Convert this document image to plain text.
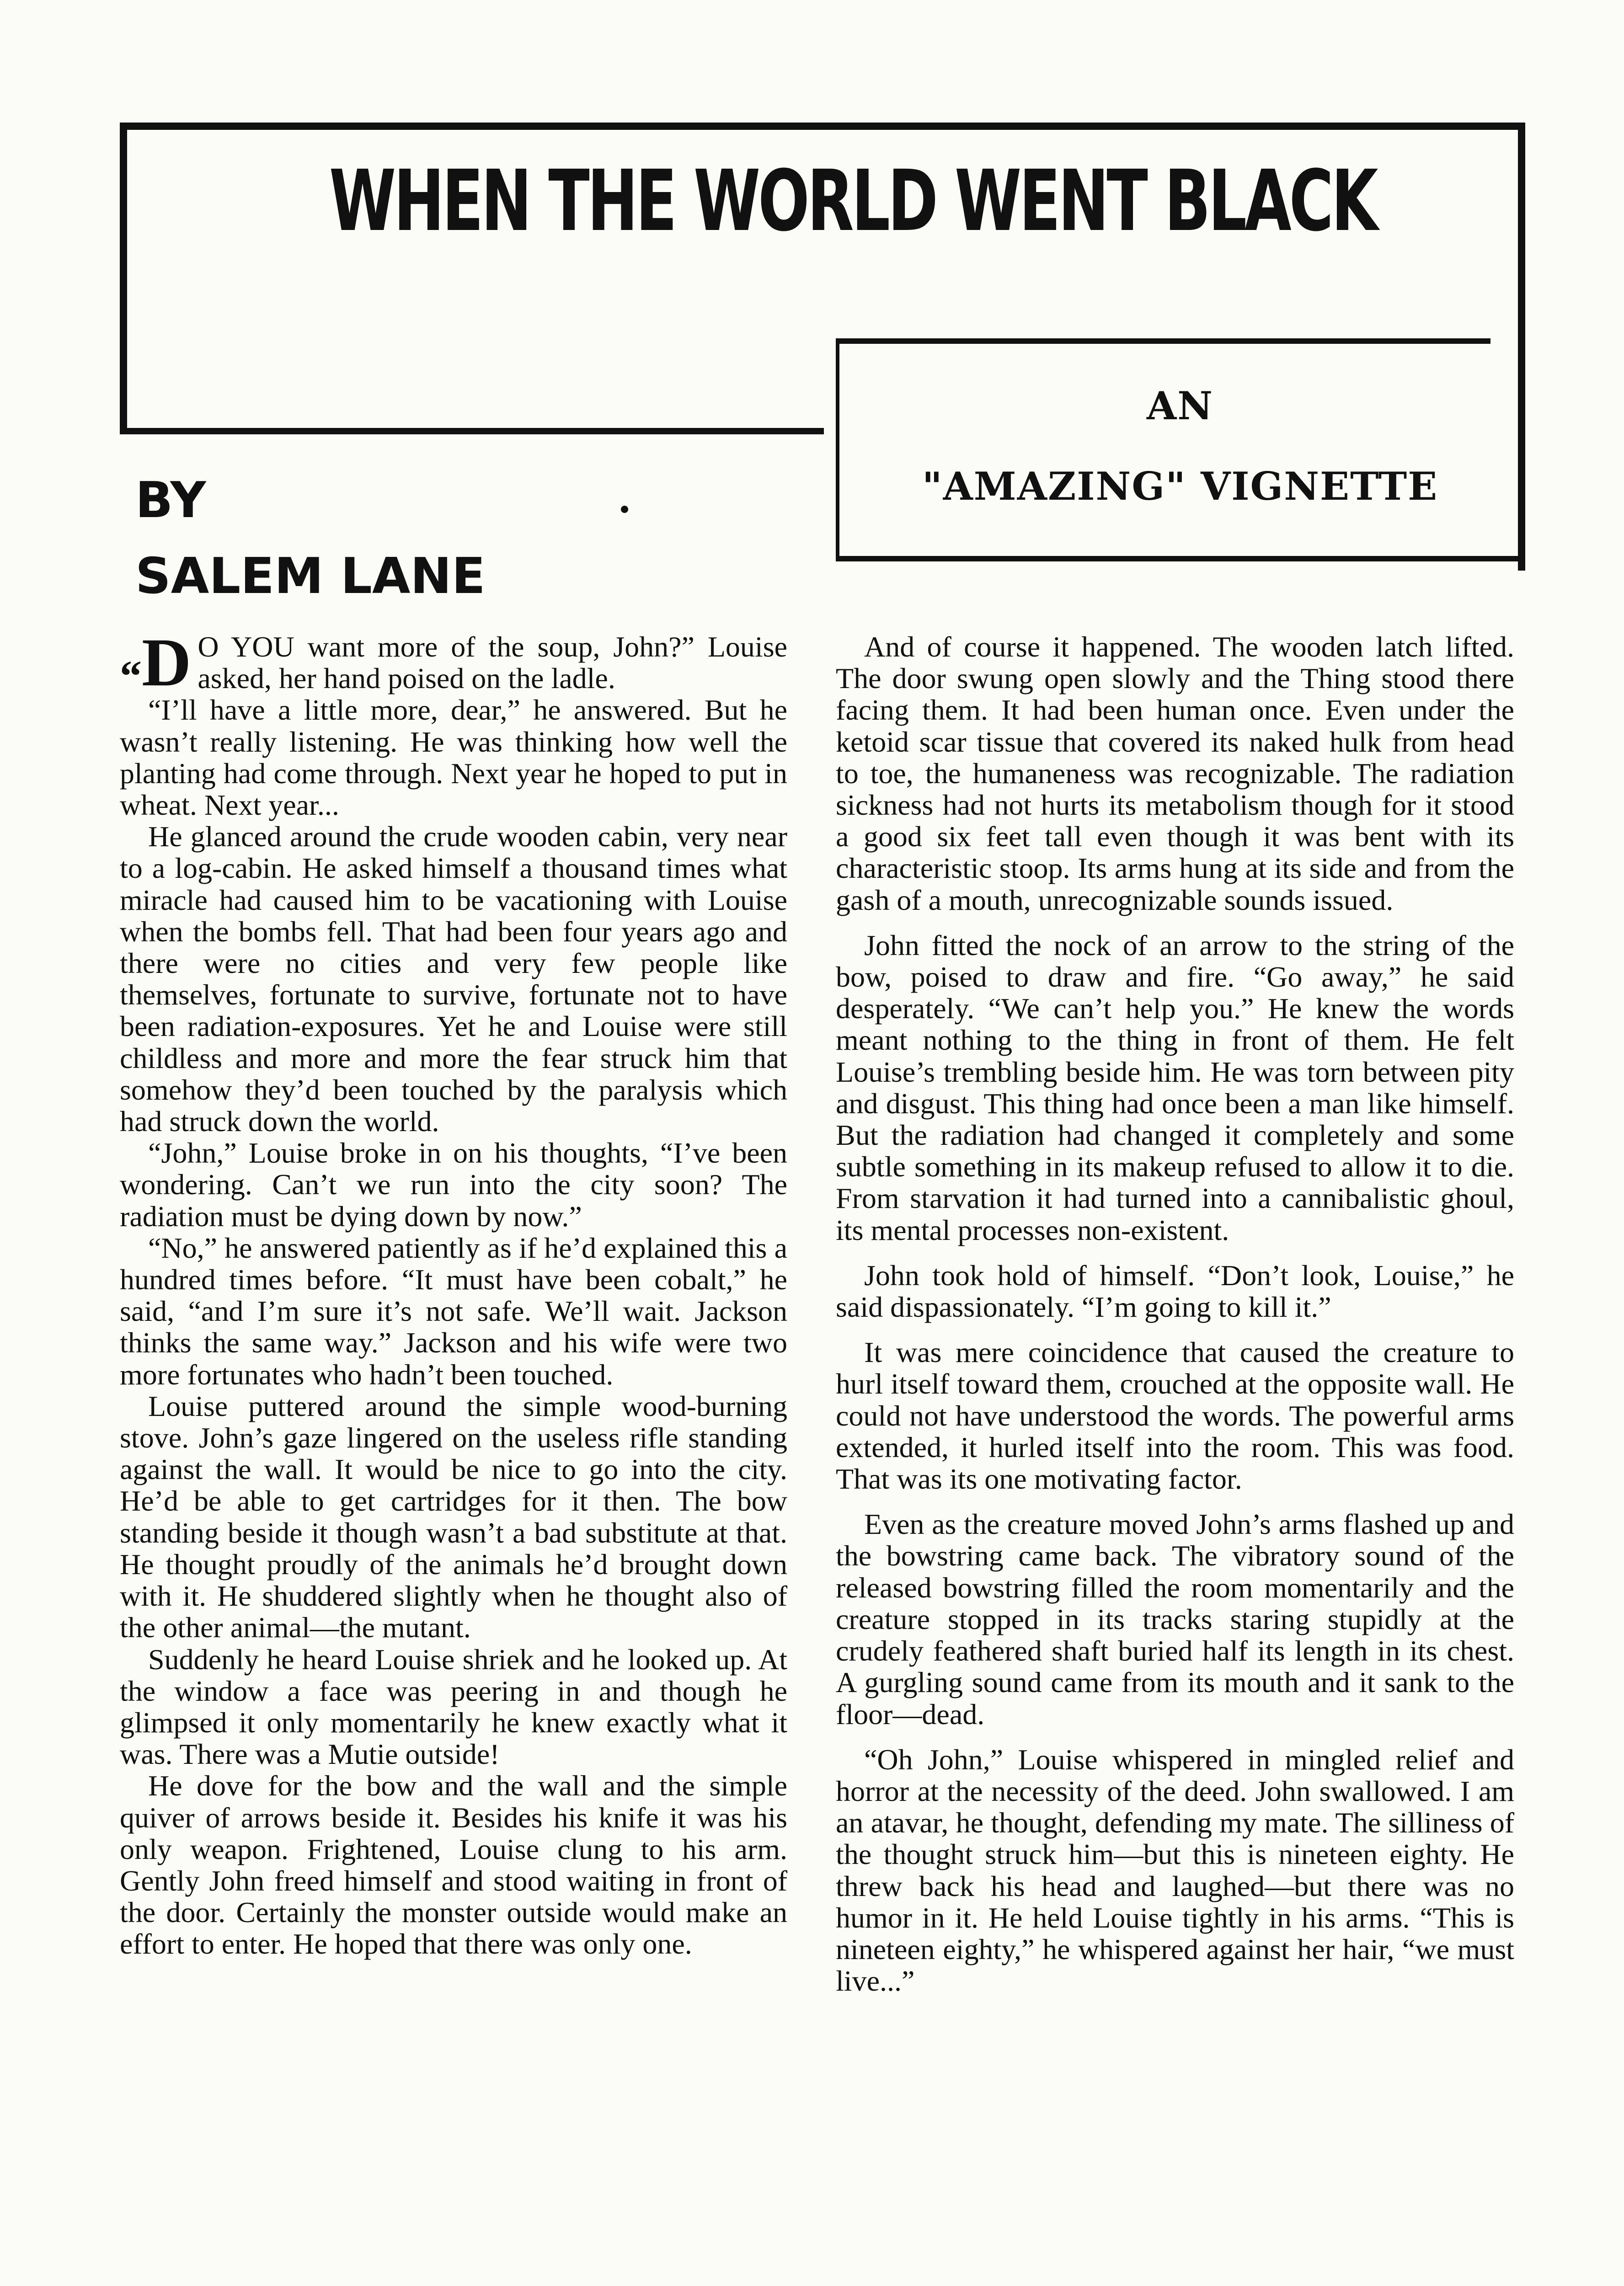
WHEN THE WORLD WENT BLACK
BY
SALEM LANE
AN
"AMAZING" VIGNETTE

“D O YOU want more of the soup, John?” Louise asked, her hand poised on the ladle.

“I’ll have a little more, dear,” he answered. But he wasn’t really listening. He was thinking how well the planting had come through. Next year he hoped to put in wheat. Next year...

He glanced around the crude wooden cabin, very near to a log-cabin. He asked himself a thousand times what miracle had caused him to be vacationing with Louise when the bombs fell. That had been four years ago and there were no cities and very few people like themselves, fortunate to survive, fortunate not to have been radiation-exposures. Yet he and Louise were still childless and more and more the fear struck him that somehow they’d been touched by the paralysis which had struck down the world.

“John,” Louise broke in on his thoughts, “I’ve been wondering. Can’t we run into the city soon? The radiation must be dying down by now.”

“No,” he answered patiently as if he’d explained this a hundred times before. “It must have been cobalt,” he said, “and I’m sure it’s not safe. We’ll wait. Jackson thinks the same way.” Jackson and his wife were two more fortunates who hadn’t been touched.

Louise puttered around the simple wood-burning stove. John’s gaze lingered on the useless rifle standing against the wall. It would be nice to go into the city. He’d be able to get cartridges for it then. The bow standing beside it though wasn’t a bad substitute at that. He thought proudly of the animals he’d brought down with it. He shuddered slightly when he thought also of the other animal—the mutant.

Suddenly he heard Louise shriek and he looked up. At the window a face was peering in and though he glimpsed it only momentarily he knew exactly what it was. There was a Mutie outside!

He dove for the bow and the wall and the simple quiver of arrows beside it. Besides his knife it was his only weapon. Frightened, Louise clung to his arm. Gently John freed himself and stood waiting in front of the door. Certainly the monster outside would make an effort to enter. He hoped that there was only one.

And of course it happened. The wooden latch lifted. The door swung open slowly and the Thing stood there facing them. It had been human once. Even under the ketoid scar tissue that covered its naked hulk from head to toe, the humaneness was recognizable. The radiation sickness had not hurts its metabolism though for it stood a good six feet tall even though it was bent with its characteristic stoop. Its arms hung at its side and from the gash of a mouth, unrecognizable sounds issued.

John fitted the nock of an arrow to the string of the bow, poised to draw and fire. “Go away,” he said desperately. “We can’t help you.” He knew the words meant nothing to the thing in front of them. He felt Louise’s trembling beside him. He was torn between pity and disgust. This thing had once been a man like himself. But the radiation had changed it completely and some subtle something in its makeup refused to allow it to die. From starvation it had turned into a cannibalistic ghoul, its mental processes non-existent.

John took hold of himself. “Don’t look, Louise,” he said dispassionately. “I’m going to kill it.”

It was mere coincidence that caused the creature to hurl itself toward them, crouched at the opposite wall. He could not have understood the words. The powerful arms extended, it hurled itself into the room. This was food. That was its one motivating factor.

Even as the creature moved John’s arms flashed up and the bowstring came back. The vibratory sound of the released bowstring filled the room momentarily and the creature stopped in its tracks staring stupidly at the crudely feathered shaft buried half its length in its chest. A gurgling sound came from its mouth and it sank to the floor—dead.

“Oh John,” Louise whispered in mingled relief and horror at the necessity of the deed. John swallowed. I am an atavar, he thought, defending my mate. The silliness of the thought struck him—but this is nineteen eighty. He threw back his head and laughed—but there was no humor in it. He held Louise tightly in his arms. “This is nineteen eighty,” he whispered against her hair, “we must live...”
